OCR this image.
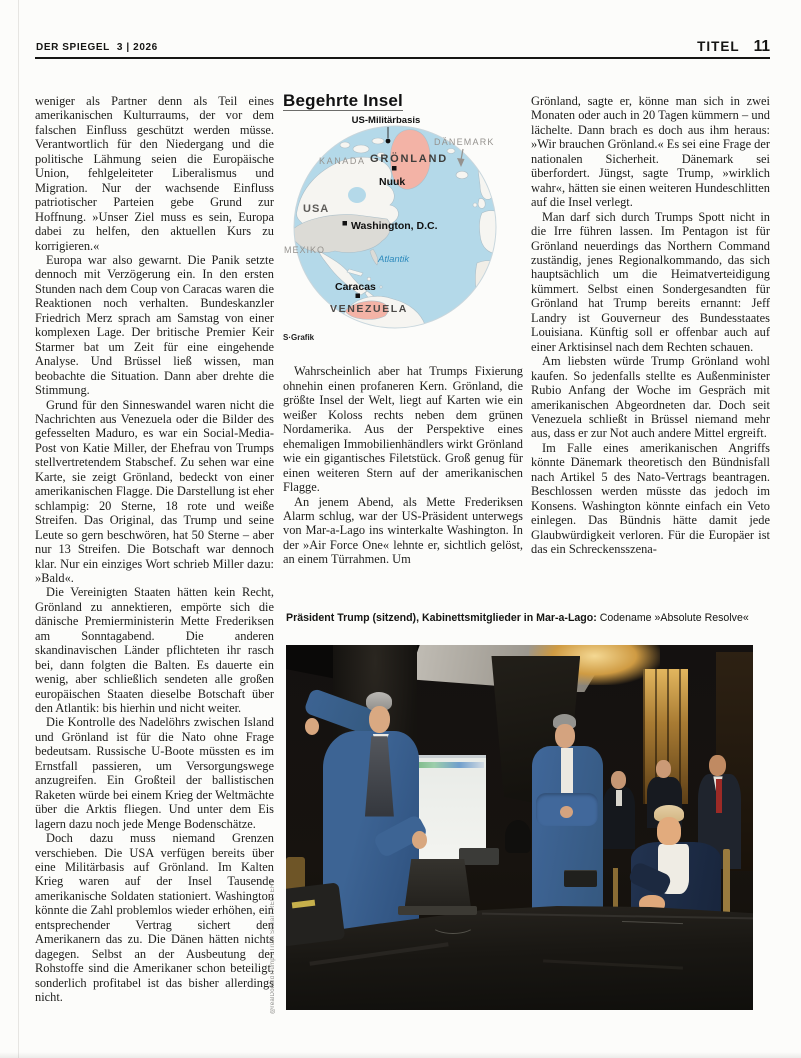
DER SPIEGEL 3 | 2026	TITEL 11

weniger als Partner denn als Teil eines amerikanischen Kulturraums, der vor dem falschen Einfluss geschützt werden müsse. Verantwortlich für den Niedergang und die politische Lähmung seien die Europäische Union, fehlgeleiteter Liberalismus und Migration. Nur der wachsende Einfluss patriotischer Parteien gebe Grund zur Hoffnung. »Unser Ziel muss es sein, Europa dabei zu helfen, den aktuellen Kurs zu korrigieren.«

Europa war also gewarnt. Die Panik setzte dennoch mit Verzögerung ein. In den ersten Stunden nach dem Coup von Caracas waren die Reaktionen noch verhalten. Bundeskanzler Friedrich Merz sprach am Samstag von einer komplexen Lage. Der britische Premier Keir Starmer bat um Zeit für eine eingehende Analyse. Und Brüssel ließ wissen, man beobachte die Situation. Dann aber drehte die Stimmung.

Grund für den Sinneswandel waren nicht die Nachrichten aus Venezuela oder die Bilder des gefesselten Maduro, es war ein Social-Media-Post von Katie Miller, der Ehefrau von Trumps stellvertretendem Stabschef. Zu sehen war eine Karte, sie zeigt Grönland, bedeckt von einer amerikanischen Flagge. Die Darstellung ist eher schlampig: 20 Sterne, 18 rote und weiße Streifen. Das Original, das Trump und seine Leute so gern beschwören, hat 50 Sterne – aber nur 13 Streifen. Die Botschaft war dennoch klar. Nur ein einziges Wort schrieb Miller dazu: »Bald«.

Die Vereinigten Staaten hätten kein Recht, Grönland zu annektieren, empörte sich die dänische Premierministerin Mette Frederiksen am Sonntagabend. Die anderen skandinavischen Länder pflichteten ihr rasch bei, dann folgten die Balten. Es dauerte ein wenig, aber schließlich sendeten alle großen europäischen Staaten dieselbe Botschaft über den Atlantik: bis hierhin und nicht weiter.

Die Kontrolle des Nadelöhrs zwischen Island und Grönland ist für die Nato ohne Frage bedeutsam. Russische U-Boote müssten es im Ernstfall passieren, um Versorgungswege anzugreifen. Ein Großteil der ballistischen Raketen würde bei einem Krieg der Weltmächte über die Arktis fliegen. Und unter dem Eis lagern dazu noch jede Menge Bodenschätze.

Doch dazu muss niemand Grenzen verschieben. Die USA verfügen bereits über eine Militärbasis auf Grönland. Im Kalten Krieg waren auf der Insel Tausende amerikanische Soldaten stationiert. Washington könnte die Zahl problemlos wieder erhöhen, ein entsprechender Vertrag sichert den Amerikanern das zu. Die Dänen hätten nichts dagegen. Selbst an der Ausbeutung der Rohstoffe sind die Amerikaner schon beteiligt, sonderlich profitabel ist das bisher allerdings nicht.

Begehrte Insel

US-Militärbasis
KANADA GRÖNLAND
DÄNEMARK
Nuuk
USA
Washington, D.C.
MEXIKO
Atlantik
Caracas
VENEZUELA
S·Grafik

Wahrscheinlich aber hat Trumps Fixierung ohnehin einen profaneren Kern. Grönland, die größte Insel der Welt, liegt auf Karten wie ein weißer Koloss rechts neben dem grünen Nordamerika. Aus der Perspektive eines ehemaligen Immobilienhändlers wirkt Grönland wie ein gigantisches Filetstück. Groß genug für einen weiteren Stern auf der amerikanischen Flagge.

An jenem Abend, als Mette Frederiksen Alarm schlug, war der US-Präsident unterwegs von Mar-a-Lago ins winterkalte Washington. In der »Air Force One« lehnte er, sichtlich gelöst, an einem Türrahmen. Um

Grönland, sagte er, könne man sich in zwei Monaten oder auch in 20 Tagen kümmern – und lächelte. Dann brach es doch aus ihm heraus: »Wir brauchen Grönland.« Es sei eine Frage der nationalen Sicherheit. Dänemark sei überfordert. Jüngst, sagte Trump, »wirklich wahr«, hätten sie einen weiteren Hundeschlitten auf die Insel verlegt.

Man darf sich durch Trumps Spott nicht in die Irre führen lassen. Im Pentagon ist für Grönland neuerdings das Northern Command zuständig, jenes Regionalkommando, das sich hauptsächlich um die Heimatverteidigung kümmert. Selbst einen Sondergesandten für Grönland hat Trump bereits ernannt: Jeff Landry ist Gouverneur des Bundesstaates Louisiana. Künftig soll er offenbar auch auf einer Arktisinsel nach dem Rechten schauen.

Am liebsten würde Trump Grönland wohl kaufen. So jedenfalls stellte es Außenminister Rubio Anfang der Woche im Gespräch mit amerikanischen Abgeordneten dar. Doch seit Venezuela schließt in Brüssel niemand mehr aus, dass er zur Not auch andere Mittel ergreift.

Im Falle eines amerikanischen Angriffs könnte Dänemark theoretisch den Bündnisfall nach Artikel 5 des Nato-Vertrags beantragen. Beschlossen werden müsste das jedoch im Konsens. Washington könnte einfach ein Veto einlegen. Das Bündnis hätte damit jede Glaubwürdigkeit verloren. Für die Europäer ist das ein Schreckensszena-

Präsident Trump (sitzend), Kabinettsmitglieder in Mar-a-Lago: Codename »Absolute Resolve«
@realDonaldTrump / Truth Social / REUTERS
